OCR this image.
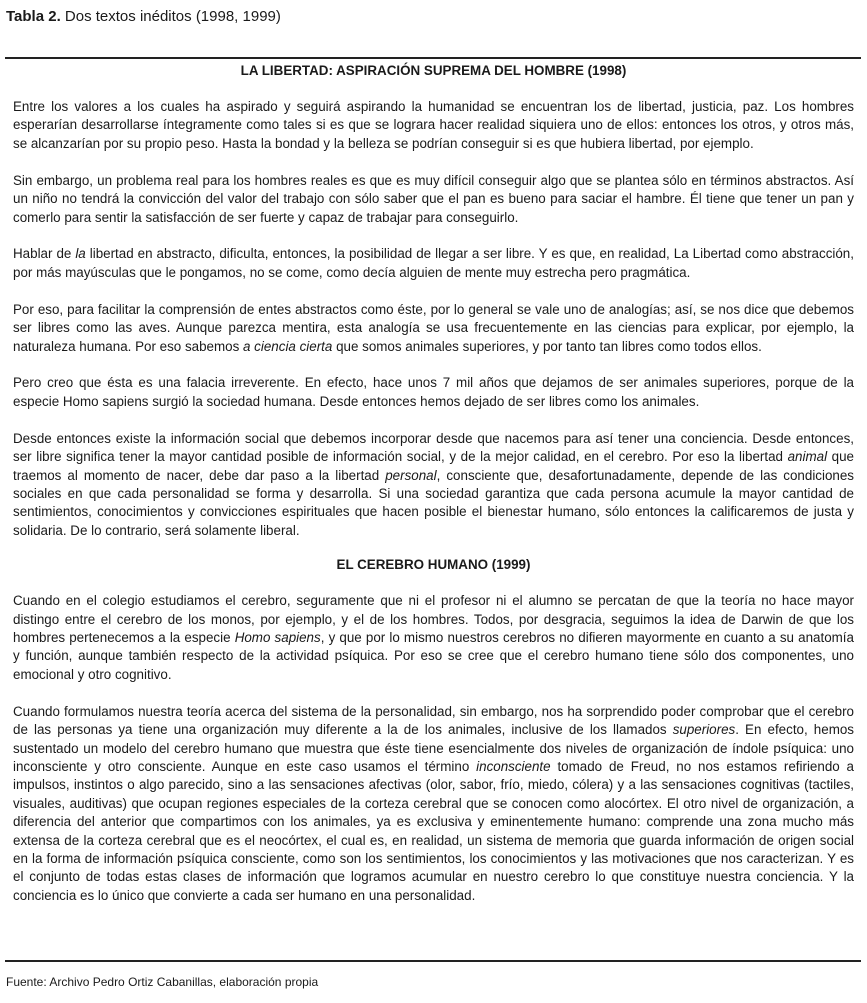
Tabla 2. Dos textos inéditos (1998, 1999)

LA LIBERTAD: ASPIRACIÓN SUPREMA DEL HOMBRE (1998)

Entre los valores a los cuales ha aspirado y seguirá aspirando la humanidad se encuentran los de libertad, justicia, paz. Los hombres esperarían desarrollarse íntegramente como tales si es que se lograra hacer realidad siquiera uno de ellos: entonces los otros, y otros más, se alcanzarían por su propio peso. Hasta la bondad y la belleza se podrían conseguir si es que hubiera libertad, por ejemplo.

Sin embargo, un problema real para los hombres reales es que es muy difícil conseguir algo que se plantea sólo en términos abstractos. Así un niño no tendrá la convicción del valor del trabajo con sólo saber que el pan es bueno para saciar el hambre. Él tiene que tener un pan y comerlo para sentir la satisfacción de ser fuerte y capaz de trabajar para conseguirlo.

Hablar de la libertad en abstracto, dificulta, entonces, la posibilidad de llegar a ser libre. Y es que, en realidad, La Libertad como abstracción, por más mayúsculas que le pongamos, no se come, como decía alguien de mente muy estrecha pero pragmática.

Por eso, para facilitar la comprensión de entes abstractos como éste, por lo general se vale uno de analogías; así, se nos dice que debemos ser libres como las aves. Aunque parezca mentira, esta analogía se usa frecuentemente en las ciencias para explicar, por ejemplo, la naturaleza humana. Por eso sabemos a ciencia cierta que somos animales superiores, y por tanto tan libres como todos ellos.

Pero creo que ésta es una falacia irreverente. En efecto, hace unos 7 mil años que dejamos de ser animales superiores, porque de la especie Homo sapiens surgió la sociedad humana. Desde entonces hemos dejado de ser libres como los animales.

Desde entonces existe la información social que debemos incorporar desde que nacemos para así tener una conciencia. Desde entonces, ser libre significa tener la mayor cantidad posible de información social, y de la mejor calidad, en el cerebro. Por eso la libertad animal que traemos al momento de nacer, debe dar paso a la libertad personal, consciente que, desafortunadamente, depende de las condiciones sociales en que cada personalidad se forma y desarrolla. Si una sociedad garantiza que cada persona acumule la mayor cantidad de sentimientos, conocimientos y convicciones espirituales que hacen posible el bienestar humano, sólo entonces la calificaremos de justa y solidaria. De lo contrario, será solamente liberal.

EL CEREBRO HUMANO (1999)

Cuando en el colegio estudiamos el cerebro, seguramente que ni el profesor ni el alumno se percatan de que la teoría no hace mayor distingo entre el cerebro de los monos, por ejemplo, y el de los hombres. Todos, por desgracia, seguimos la idea de Darwin de que los hombres pertenecemos a la especie Homo sapiens, y que por lo mismo nuestros cerebros no difieren mayormente en cuanto a su anatomía y función, aunque también respecto de la actividad psíquica. Por eso se cree que el cerebro humano tiene sólo dos componentes, uno emocional y otro cognitivo.

Cuando formulamos nuestra teoría acerca del sistema de la personalidad, sin embargo, nos ha sorprendido poder comprobar que el cerebro de las personas ya tiene una organización muy diferente a la de los animales, inclusive de los llamados superiores. En efecto, hemos sustentado un modelo del cerebro humano que muestra que éste tiene esencialmente dos niveles de organización de índole psíquica: uno inconsciente y otro consciente. Aunque en este caso usamos el término inconsciente tomado de Freud, no nos estamos refiriendo a impulsos, instintos o algo parecido, sino a las sensaciones afectivas (olor, sabor, frío, miedo, cólera) y a las sensaciones cognitivas (tactiles, visuales, auditivas) que ocupan regiones especiales de la corteza cerebral que se conocen como alocórtex. El otro nivel de organización, a diferencia del anterior que compartimos con los animales, ya es exclusiva y eminentemente humano: comprende una zona mucho más extensa de la corteza cerebral que es el neocórtex, el cual es, en realidad, un sistema de memoria que guarda información de origen social en la forma de información psíquica consciente, como son los sentimientos, los conocimientos y las motivaciones que nos caracterizan. Y es el conjunto de todas estas clases de información que logramos acumular en nuestro cerebro lo que constituye nuestra conciencia. Y la conciencia es lo único que convierte a cada ser humano en una personalidad.

Fuente: Archivo Pedro Ortiz Cabanillas, elaboración propia
